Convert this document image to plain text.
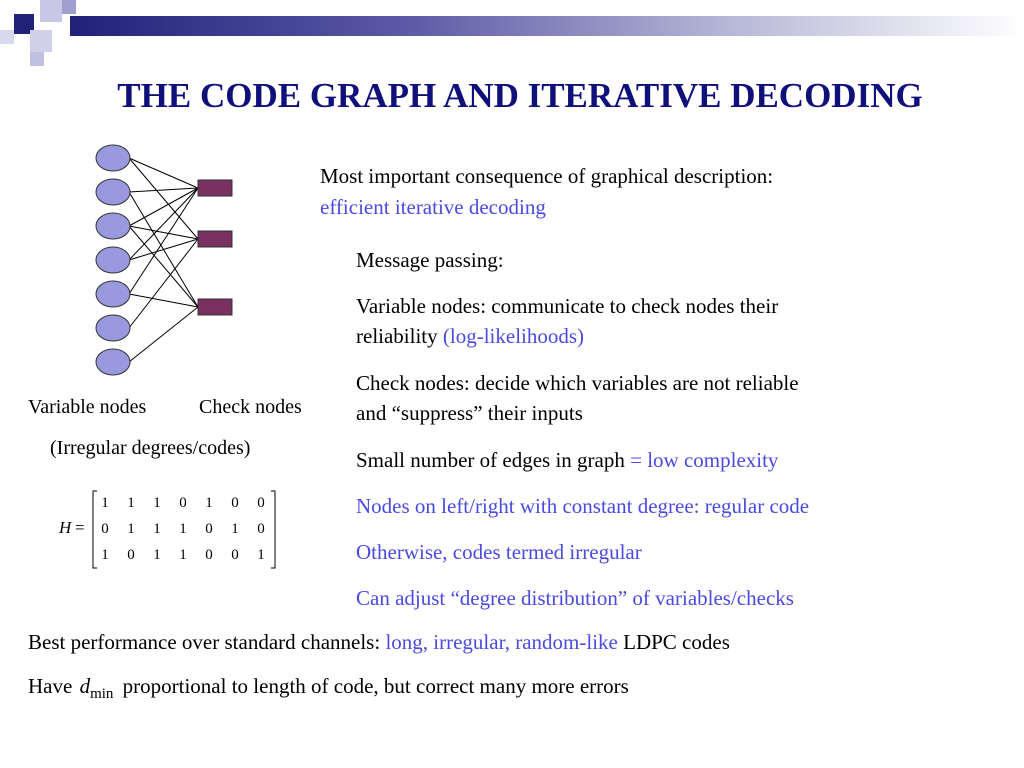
THE CODE GRAPH AND ITERATIVE DECODING
Variable nodes	Check nodes
(Irregular degrees/codes)
H =
1 1 1 0 1 0 0
0 1 1 1 0 1 0
1 0 1 1 0 0 1
Most important consequence of graphical description:
efficient iterative decoding
Message passing:
Variable nodes: communicate to check nodes their
reliability (log-likelihoods)
Check nodes: decide which variables are not reliable
and “suppress” their inputs
Small number of edges in graph = low complexity
Nodes on left/right with constant degree: regular code
Otherwise, codes termed irregular
Can adjust “degree distribution” of variables/checks
Best performance over standard channels: long, irregular, random-like LDPC codes
Have $d_{min}$ proportional to length of code, but correct many more errors
